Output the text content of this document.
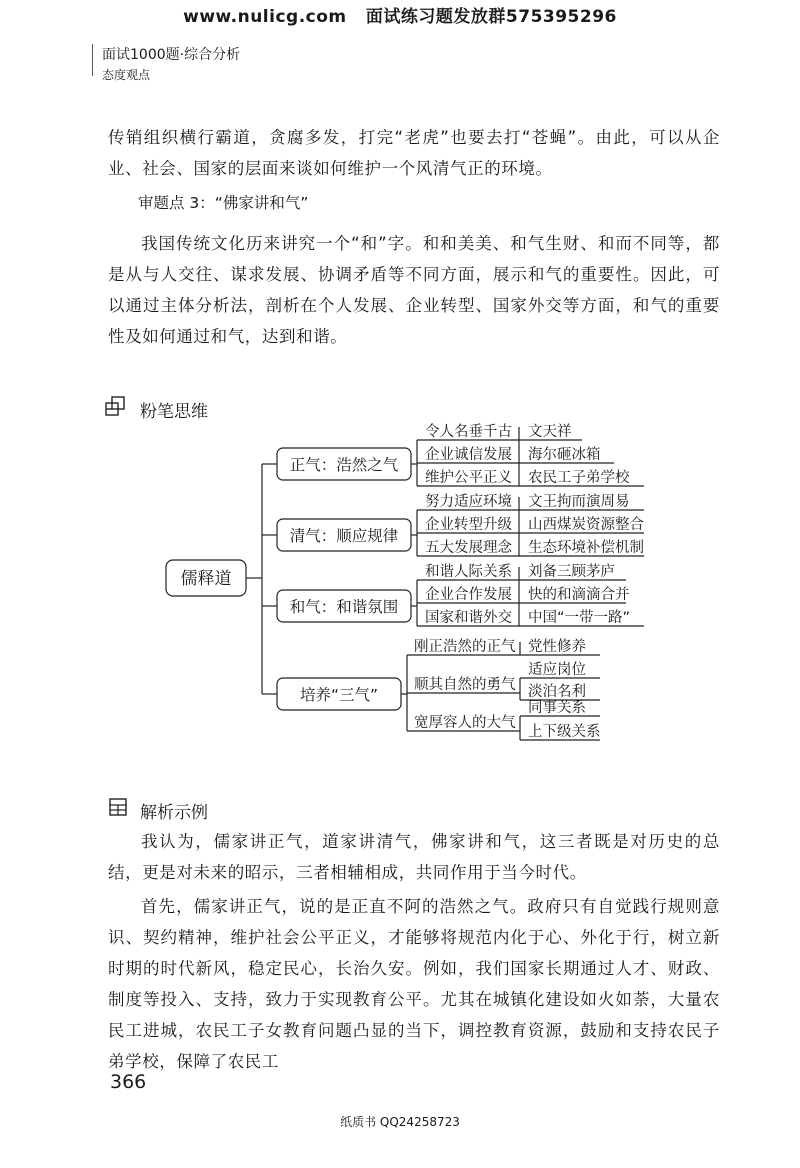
www.nulicg.com 面试练习题发放群575395296
面试1000题·综合分析
态度观点
传销组织横行霸道，贪腐多发，打完“老虎”也要去打“苍蝇”。由此，可以从企业、社会、国家的层面来谈如何维护一个风清气正的环境。
审题点 3：“佛家讲和气”
我国传统文化历来讲究一个“和”字。和和美美、和气生财、和而不同等，都是从与人交往、谋求发展、协调矛盾等不同方面，展示和气的重要性。因此，可以通过主体分析法，剖析在个人发展、企业转型、国家外交等方面，和气的重要性及如何通过和气，达到和谐。
粉笔思维
儒释道
正气：浩然之气
清气：顺应规律
和气：和谐氛围
培养“三气”
令人名垂千古 文天祥
企业诚信发展 海尔砸冰箱
维护公平正义 农民工子弟学校
努力适应环境 文王拘而演周易
企业转型升级 山西煤炭资源整合
五大发展理念 生态环境补偿机制
和谐人际关系 刘备三顾茅庐
企业合作发展 快的和滴滴合并
国家和谐外交 中国“一带一路”
刚正浩然的正气 党性修养
顺其自然的勇气
适应岗位
淡泊名利
宽厚容人的大气
同事关系
上下级关系
解析示例
我认为，儒家讲正气，道家讲清气，佛家讲和气，这三者既是对历史的总结，更是对未来的昭示，三者相辅相成，共同作用于当今时代。
首先，儒家讲正气，说的是正直不阿的浩然之气。政府只有自觉践行规则意识、契约精神，维护社会公平正义，才能够将规范内化于心、外化于行，树立新时期的时代新风，稳定民心，长治久安。例如，我们国家长期通过人才、财政、制度等投入、支持，致力于实现教育公平。尤其在城镇化建设如火如荼，大量农民工进城，农民工子女教育问题凸显的当下，调控教育资源，鼓励和支持农民子弟学校，保障了农民工
366
纸质书 QQ24258723
